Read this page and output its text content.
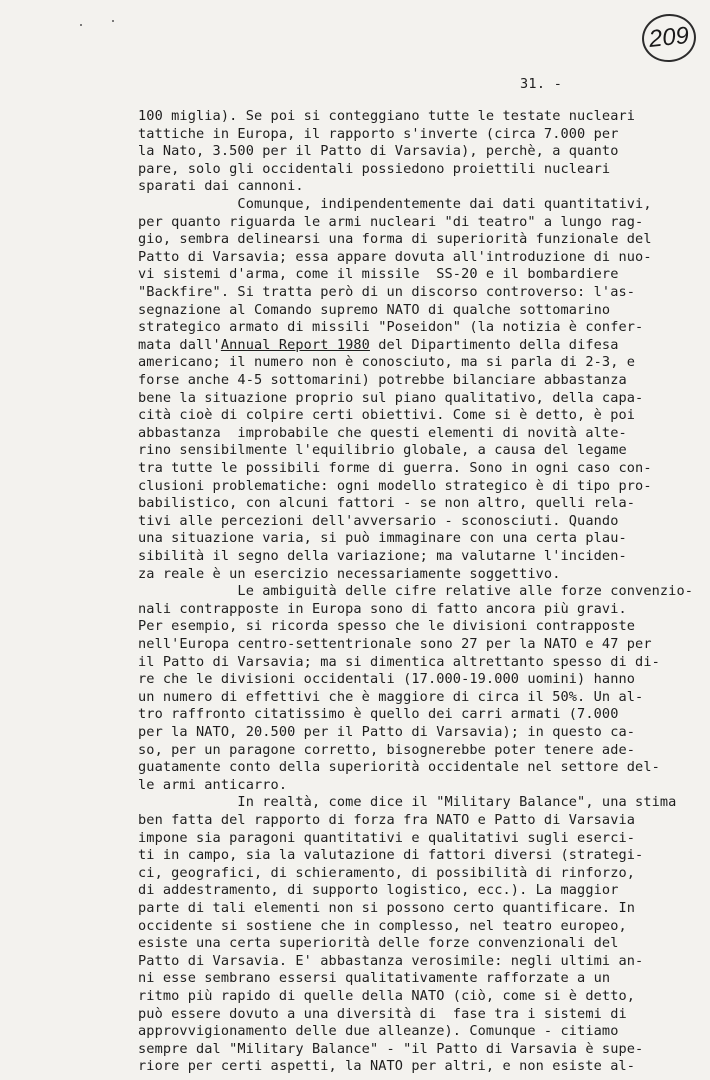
209
31. -
100 miglia). Se poi si conteggiano tutte le testate nucleari
tattiche in Europa, il rapporto s'inverte (circa 7.000 per
la Nato, 3.500 per il Patto di Varsavia), perchè, a quanto
pare, solo gli occidentali possiedono proiettili nucleari
sparati dai cannoni.
Comunque, indipendentemente dai dati quantitativi,
per quanto riguarda le armi nucleari "di teatro" a lungo rag-
gio, sembra delinearsi una forma di superiorità funzionale del
Patto di Varsavia; essa appare dovuta all'introduzione di nuo-
vi sistemi d'arma, come il missile  SS-20 e il bombardiere
"Backfire". Si tratta però di un discorso controverso: l'as-
segnazione al Comando supremo NATO di qualche sottomarino
strategico armato di missili "Poseidon" (la notizia è confer-
mata dall'Annual Report 1980 del Dipartimento della difesa
americano; il numero non è conosciuto, ma si parla di 2-3, e
forse anche 4-5 sottomarini) potrebbe bilanciare abbastanza
bene la situazione proprio sul piano qualitativo, della capa-
cità cioè di colpire certi obiettivi. Come si è detto, è poi
abbastanza  improbabile che questi elementi di novità alte-
rino sensibilmente l'equilibrio globale, a causa del legame
tra tutte le possibili forme di guerra. Sono in ogni caso con-
clusioni problematiche: ogni modello strategico è di tipo pro-
babilistico, con alcuni fattori - se non altro, quelli rela-
tivi alle percezioni dell'avversario - sconosciuti. Quando
una situazione varia, si può immaginare con una certa plau-
sibilità il segno della variazione; ma valutarne l'inciden-
za reale è un esercizio necessariamente soggettivo.
Le ambiguità delle cifre relative alle forze convenzio-
nali contrapposte in Europa sono di fatto ancora più gravi.
Per esempio, si ricorda spesso che le divisioni contrapposte
nell'Europa centro-settentrionale sono 27 per la NATO e 47 per
il Patto di Varsavia; ma si dimentica altrettanto spesso di di-
re che le divisioni occidentali (17.000-19.000 uomini) hanno
un numero di effettivi che è maggiore di circa il 50%. Un al-
tro raffronto citatissimo è quello dei carri armati (7.000
per la NATO, 20.500 per il Patto di Varsavia); in questo ca-
so, per un paragone corretto, bisognerebbe poter tenere ade-
guatamente conto della superiorità occidentale nel settore del-
le armi anticarro.
In realtà, come dice il "Military Balance", una stima
ben fatta del rapporto di forza fra NATO e Patto di Varsavia
impone sia paragoni quantitativi e qualitativi sugli eserci-
ti in campo, sia la valutazione di fattori diversi (strategi-
ci, geografici, di schieramento, di possibilità di rinforzo,
di addestramento, di supporto logistico, ecc.). La maggior
parte di tali elementi non si possono certo quantificare. In
occidente si sostiene che in complesso, nel teatro europeo,
esiste una certa superiorità delle forze convenzionali del
Patto di Varsavia. E' abbastanza verosimile: negli ultimi an-
ni esse sembrano essersi qualitativamente rafforzate a un
ritmo più rapido di quelle della NATO (ciò, come si è detto,
può essere dovuto a una diversità di  fase tra i sistemi di
approvvigionamento delle due alleanze). Comunque - citiamo
sempre dal "Military Balance" - "il Patto di Varsavia è supe-
riore per certi aspetti, la NATO per altri, e non esiste al-
